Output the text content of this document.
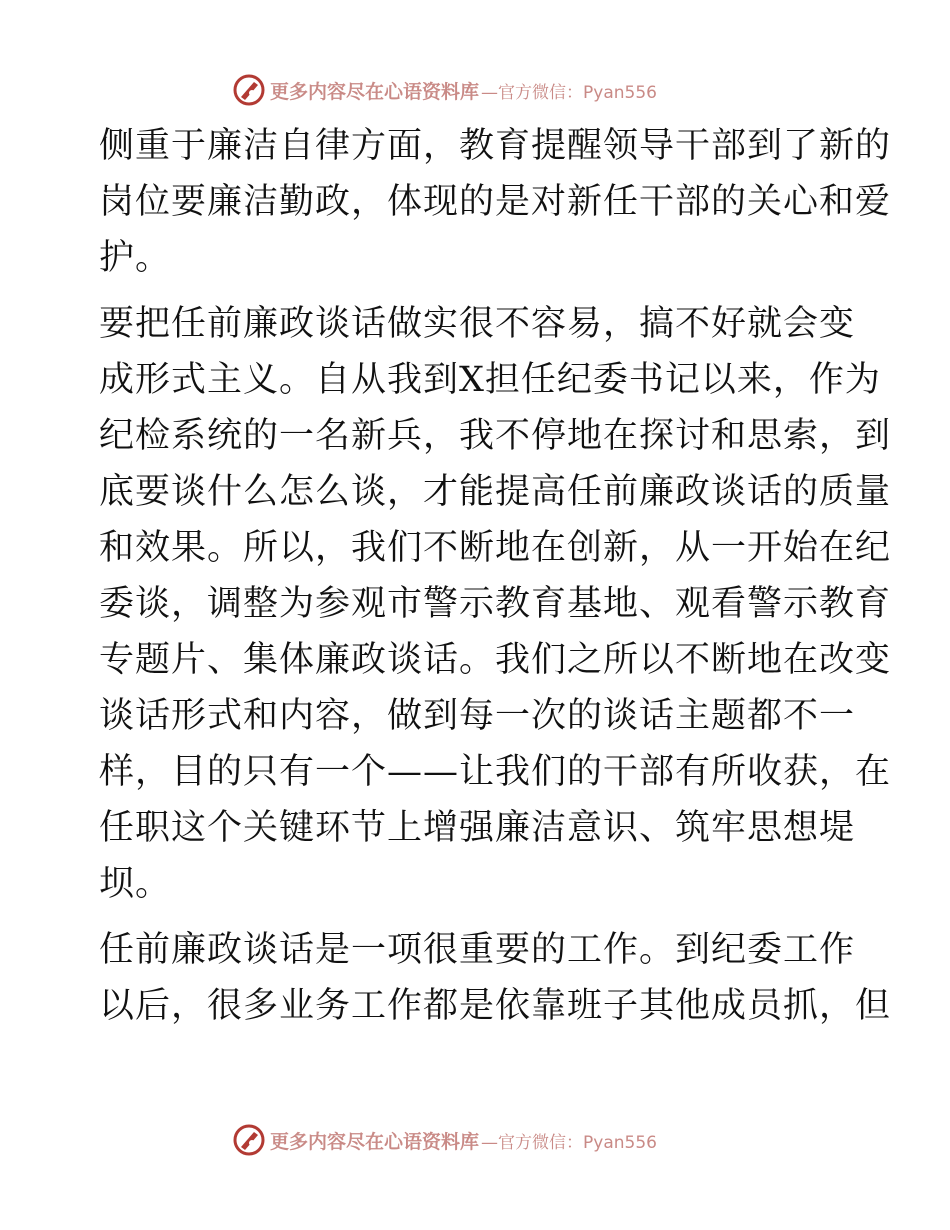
更多内容尽在心语资料库 —官方微信：Pyan556

侧重于廉洁自律方面，教育提醒领导干部到了新的
岗位要廉洁勤政，体现的是对新任干部的关心和爱
护。

要把任前廉政谈话做实很不容易，搞不好就会变
成形式主义。自从我到X担任纪委书记以来，作为
纪检系统的一名新兵，我不停地在探讨和思索，到
底要谈什么怎么谈，才能提高任前廉政谈话的质量
和效果。所以，我们不断地在创新，从一开始在纪
委谈，调整为参观市警示教育基地、观看警示教育
专题片、集体廉政谈话。我们之所以不断地在改变
谈话形式和内容，做到每一次的谈话主题都不一
样，目的只有一个——让我们的干部有所收获，在
任职这个关键环节上增强廉洁意识、筑牢思想堤
坝。

任前廉政谈话是一项很重要的工作。到纪委工作
以后，很多业务工作都是依靠班子其他成员抓，但

更多内容尽在心语资料库 —官方微信：Pyan556
